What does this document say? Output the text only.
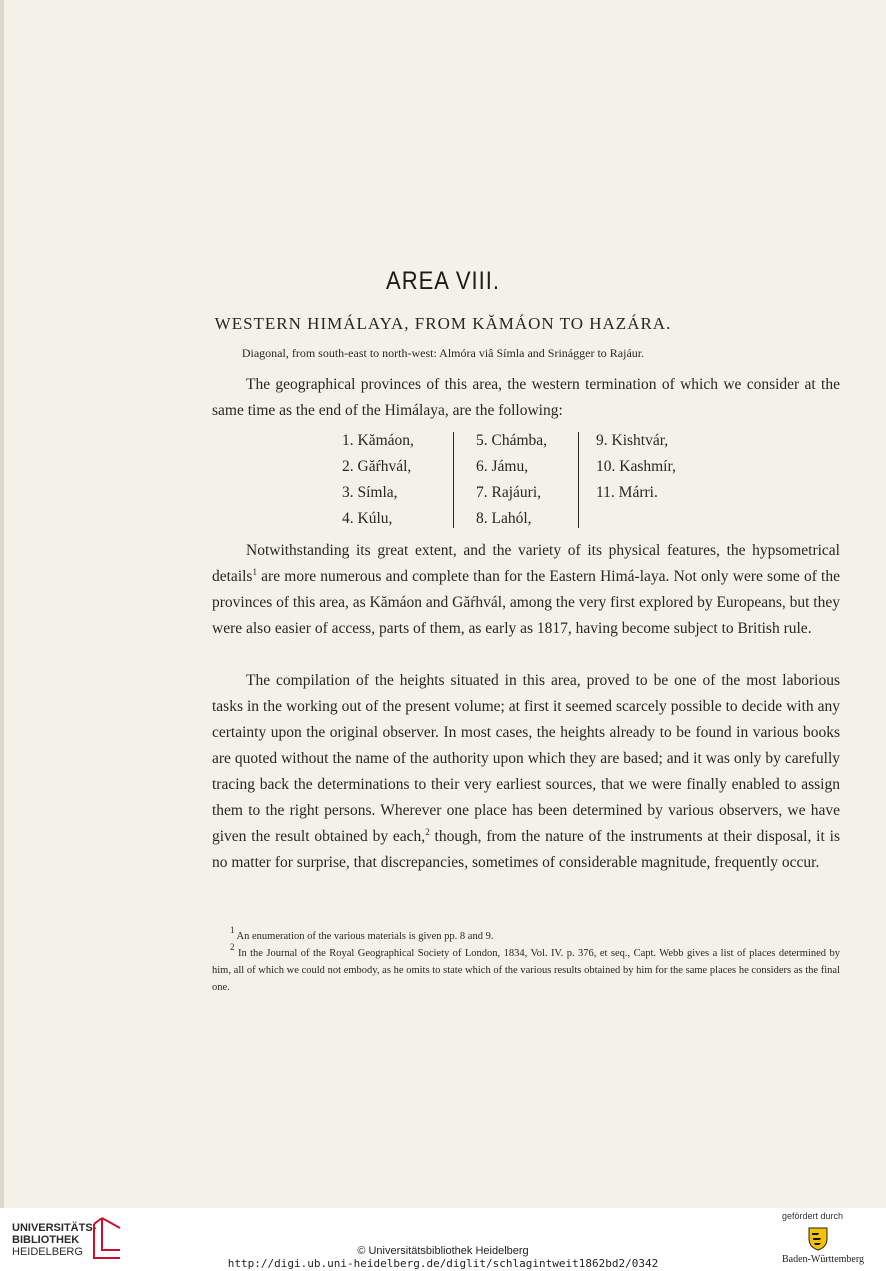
AREA VIII.
WESTERN HIMÁLAYA, FROM KĂMÁON TO HAZÁRA.
Diagonal, from south-east to north-west: Almóra viâ Símla and Srinágger to Rajáur.

The geographical provinces of this area, the western termination of which we consider at the same time as the end of the Himálaya, are the following:

1. Kămáon,
2. Găŕhvál,
3. Símla,
4. Kúlu,
5. Chámba,
6. Jámu,
7. Rajáuri,
8. Lahól,
9. Kishtvár,
10. Kashmír,
11. Márri.

Notwithstanding its great extent, and the variety of its physical features, the hypsometrical details$^1$ are more numerous and complete than for the Eastern Himá-laya. Not only were some of the provinces of this area, as Kămáon and Găŕhvál, among the very first explored by Europeans, but they were also easier of access, parts of them, as early as 1817, having become subject to British rule.

The compilation of the heights situated in this area, proved to be one of the most laborious tasks in the working out of the present volume; at first it seemed scarcely possible to decide with any certainty upon the original observer. In most cases, the heights already to be found in various books are quoted without the name of the authority upon which they are based; and it was only by carefully tracing back the determinations to their very earliest sources, that we were finally enabled to assign them to the right persons. Wherever one place has been determined by various observers, we have given the result obtained by each,$^2$ though, from the nature of the instruments at their disposal, it is no matter for surprise, that discrepancies, sometimes of considerable magnitude, frequently occur.

$^1$ An enumeration of the various materials is given pp. 8 and 9.

$^2$ In the Journal of the Royal Geographical Society of London, 1834, Vol. IV. p. 376, et seq., Capt. Webb gives a list of places determined by him, all of which we could not embody, as he omits to state which of the various results obtained by him for the same places he considers as the final one.

UNIVERSITÄTS-
BIBLIOTHEK
HEIDELBERG	© Universitätsbibliothek Heidelberg
http://digi.ub.uni-heidelberg.de/diglit/schlagintweit1862bd2/0342
gefördert durch
Baden-Württemberg
